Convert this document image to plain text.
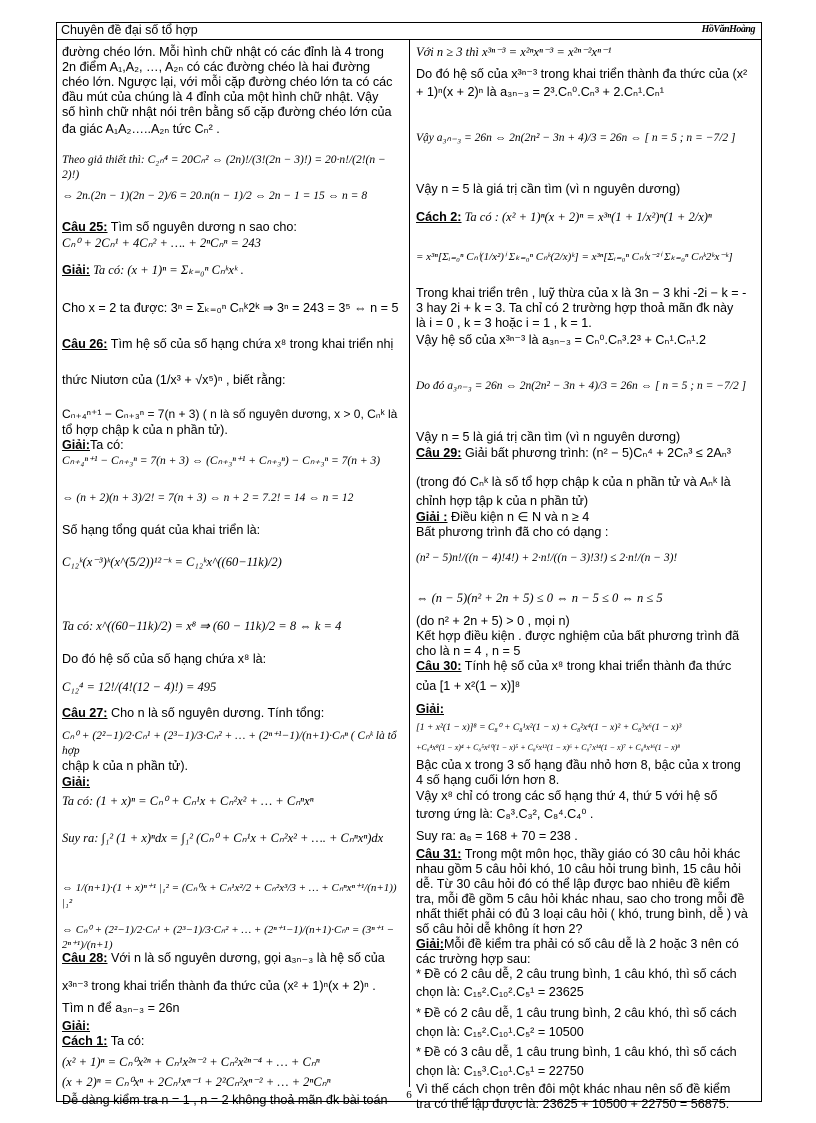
Chuyên đề đại số tổ hợp	HồVănHoàng
đường chéo lớn. Mỗi hình chữ nhật có các đỉnh là 4 trong
2n điểm A₁,A₂, …, A₂ₙ có các đường chéo là hai đường
chéo lớn. Ngược lại, với mỗi cặp đường chéo lớn ta có các
đầu mút của chúng là 4 đỉnh của một hình chữ nhật. Vậy
số hình chữ nhật nói trên bằng số cặp đường chéo lớn của
đa giác A₁A₂…..A₂ₙ tức Cₙ² .
Theo giả thiết thì: C₂ₙ⁴ = 20Cₙ² ⇔ (2n)!/(3!(2n − 3)!) = 20·n!/(2!(n − 2)!)
⇔ 2n.(2n − 1)(2n − 2)/6 = 20.n(n − 1)/2 ⇔ 2n − 1 = 15 ⇔ n = 8
Câu 25: Tìm số nguyên dương n sao cho:
Cₙ⁰ + 2Cₙ¹ + 4Cₙ² + …. + 2ⁿCₙⁿ = 243
Giải: Ta có: (x + 1)ⁿ = Σₖ₌₀ⁿ Cₙᵏxᵏ .
Cho x = 2 ta được: 3ⁿ = Σₖ₌₀ⁿ Cₙᵏ2ᵏ ⇒ 3ⁿ = 243 = 3⁵ ⇔ n = 5
Câu 26: Tìm hệ số của số hạng chứa x⁸ trong khai triển nhị
thức Niutơn của (1/x³ + √x⁵)ⁿ , biết rằng:
Cₙ₊₄ⁿ⁺¹ − Cₙ₊₃ⁿ = 7(n + 3) ( n là số nguyên dương, x > 0, Cₙᵏ là
tổ hợp chập k của n phần tử).
Giải:Ta có:
Cₙ₊₄ⁿ⁺¹ − Cₙ₊₃ⁿ = 7(n + 3) ⇔ (Cₙ₊₃ⁿ⁺¹ + Cₙ₊₃ⁿ) − Cₙ₊₃ⁿ = 7(n + 3)
⇔ (n + 2)(n + 3)/2! = 7(n + 3) ⇔ n + 2 = 7.2! = 14 ⇔ n = 12
Số hạng tổng quát của khai triển là:
C₁₂ᵏ(x⁻³)ᵏ(x^(5/2))¹²⁻ᵏ = C₁₂ᵏx^((60−11k)/2)
Ta có: x^((60−11k)/2) = x⁸ ⇒ (60 − 11k)/2 = 8 ⇔ k = 4
Do đó hệ số của số hạng chứa x⁸ là:
C₁₂⁴ = 12!/(4!(12 − 4)!) = 495
Câu 27: Cho n là số nguyên dương. Tính tổng:
Cₙ⁰ + (2²−1)/2·Cₙ¹ + (2³−1)/3·Cₙ² + … + (2ⁿ⁺¹−1)/(n+1)·Cₙⁿ ( Cₙᵏ là tổ hợp
chập k của n phần tử).
Giải:
Ta có: (1 + x)ⁿ = Cₙ⁰ + Cₙ¹x + Cₙ²x² + … + Cₙⁿxⁿ
Suy ra: ∫₁² (1 + x)ⁿdx = ∫₁² (Cₙ⁰ + Cₙ¹x + Cₙ²x² + …. + Cₙⁿxⁿ)dx
⇔ 1/(n+1)·(1 + x)ⁿ⁺¹ |₁² = (Cₙ⁰x + Cₙ¹x²/2 + Cₙ²x³/3 + … + Cₙⁿxⁿ⁺¹/(n+1)) |₁²
⇔ Cₙ⁰ + (2²−1)/2·Cₙ¹ + (2³−1)/3·Cₙ² + … + (2ⁿ⁺¹−1)/(n+1)·Cₙⁿ = (3ⁿ⁺¹ − 2ⁿ⁺¹)/(n+1)
Câu 28: Với n là số nguyên dương, gọi a₃ₙ₋₃ là hệ số của
x³ⁿ⁻³ trong khai triển thành đa thức của (x² + 1)ⁿ(x + 2)ⁿ .
Tìm n để a₃ₙ₋₃ = 26n
Giải:
Cách 1: Ta có:
(x² + 1)ⁿ = Cₙ⁰x²ⁿ + Cₙ¹x²ⁿ⁻² + Cₙ²x²ⁿ⁻⁴ + … + Cₙⁿ
(x + 2)ⁿ = Cₙ⁰xⁿ + 2Cₙ¹xⁿ⁻¹ + 2²Cₙ²xⁿ⁻² + … + 2ⁿCₙⁿ
Dễ dàng kiểm tra n = 1 , n = 2 không thoả mãn đk bài toán
Với n ≥ 3 thì x³ⁿ⁻³ = x²ⁿxⁿ⁻³ = x²ⁿ⁻²xⁿ⁻¹
Do đó hệ số của x³ⁿ⁻³ trong khai triển thành đa thức của (x²
+ 1)ⁿ(x + 2)ⁿ là a₃ₙ₋₃ = 2³.Cₙ⁰.Cₙ³ + 2.Cₙ¹.Cₙ¹
Vậy a₃ₙ₋₃ = 26n ⇔ 2n(2n² − 3n + 4)/3 = 26n ⇔ [ n = 5 ; n = −7/2 ]
Vậy n = 5 là giá trị cần tìm (vì n nguyên dương)
Cách 2: Ta có : (x² + 1)ⁿ(x + 2)ⁿ = x³ⁿ(1 + 1/x²)ⁿ(1 + 2/x)ⁿ
= x³ⁿ[Σᵢ₌₀ⁿ Cₙⁱ(1/x²)ⁱ Σₖ₌₀ⁿ Cₙᵏ(2/x)ᵏ] = x³ⁿ[Σᵢ₌₀ⁿ Cₙⁱx⁻²ⁱ Σₖ₌₀ⁿ Cₙᵏ2ᵏx⁻ᵏ]
Trong khai triển trên , luỹ thừa của x là 3n − 3 khi -2i − k = -
3 hay 2i + k = 3. Ta chỉ có 2 trường hợp thoả mãn đk này
là i = 0 , k = 3 hoặc i = 1 , k = 1.
Vậy hệ số của x³ⁿ⁻³ là a₃ₙ₋₃ = Cₙ⁰.Cₙ³.2³ + Cₙ¹.Cₙ¹.2
Do đó a₃ₙ₋₃ = 26n ⇔ 2n(2n² − 3n + 4)/3 = 26n ⇔ [ n = 5 ; n = −7/2 ]
Vậy n = 5 là giá trị cần tìm (vì n nguyên dương)
Câu 29: Giải bất phương trình: (n² − 5)Cₙ⁴ + 2Cₙ³ ≤ 2Aₙ³
(trong đó Cₙᵏ là số tổ hợp chập k của n phần tử và Aₙᵏ là
chỉnh hợp tập k của n phần tử)
Giải : Điều kiện n ∈ N và n ≥ 4
Bất phương trình đã cho có dạng :
(n² − 5)n!/((n − 4)!4!) + 2·n!/((n − 3)!3!) ≤ 2·n!/(n − 3)!
⇔ (n − 5)(n² + 2n + 5) ≤ 0 ⇔ n − 5 ≤ 0 ⇔ n ≤ 5
(do n² + 2n + 5) > 0 , mọi n)
Kết hợp điều kiện . được nghiệm của bất phương trình đã
cho là n = 4 , n = 5
Câu 30: Tính hệ số của x⁸ trong khai triển thành đa thức
của [1 + x²(1 − x)]⁸
Giải:
[1 + x²(1 − x)]⁸ = C₈⁰ + C₈¹x²(1 − x) + C₈²x⁴(1 − x)² + C₈³x⁶(1 − x)³
+C₈⁴x⁸(1 − x)⁴ + C₈⁵x¹⁰(1 − x)⁵ + C₈⁶x¹²(1 − x)⁶ + C₈⁷x¹⁴(1 − x)⁷ + C₈⁸x¹⁶(1 − x)⁸
Bậc của x trong 3 số hạng đầu nhỏ hơn 8, bậc của x trong
4 số hạng cuối lớn hơn 8.
Vậy x⁸ chỉ có trong các số hạng thứ 4, thứ 5 với hệ số
tương ứng là: C₈³.C₃², C₈⁴.C₄⁰ .
Suy ra: a₈ = 168 + 70 = 238 .
Câu 31: Trong một môn học, thầy giáo có 30 câu hỏi khác
nhau gồm 5 câu hỏi khó, 10 câu hỏi trung bình, 15 câu hỏi
dễ. Từ 30 câu hỏi đó có thể lập được bao nhiêu đề kiểm
tra, mỗi đề gồm 5 câu hỏi khác nhau, sao cho trong mỗi đề
nhất thiết phải có đủ 3 loại câu hỏi ( khó, trung bình, dễ ) và
số câu hỏi dễ không ít hơn 2?
Giải:Mỗi đề kiểm tra phải có số câu dễ là 2 hoặc 3 nên có
các trường hợp sau:
* Đề có 2 câu dễ, 2 câu trung bình, 1 câu khó, thì số cách
chọn là: C₁₅².C₁₀².C₅¹ = 23625
* Đề có 2 câu dễ, 1 câu trung bình, 2 câu khó, thì số cách
chọn là: C₁₅².C₁₀¹.C₅² = 10500
* Đề có 3 câu dễ, 1 câu trung bình, 1 câu khó, thì số cách
chọn là: C₁₅³.C₁₀¹.C₅¹ = 22750
Vì thế cách chọn trên đôi một khác nhau nên số đề kiểm
tra có thể lập được là: 23625 + 10500 + 22750 = 56875.
6
